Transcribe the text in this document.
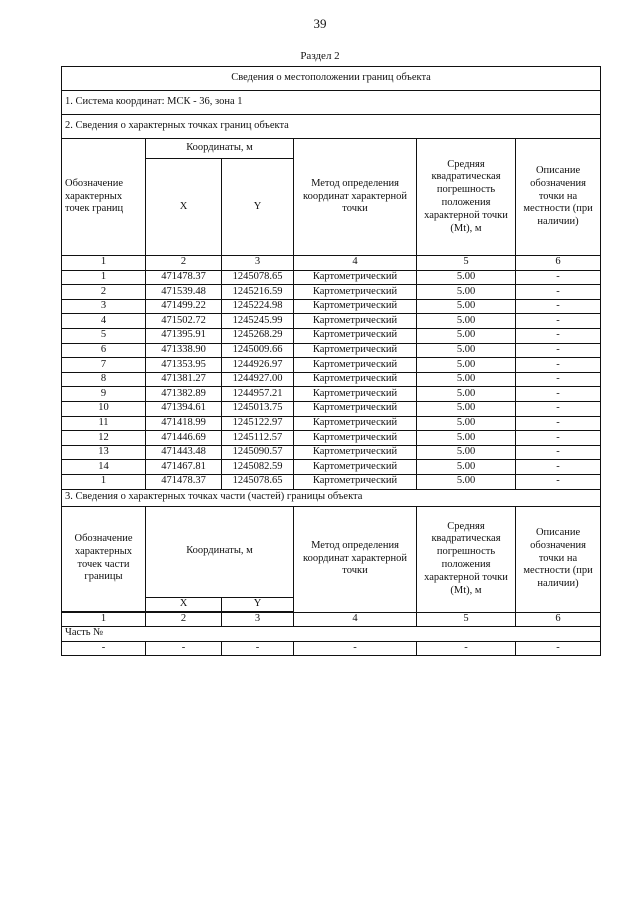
39
Раздел 2
Сведения о местоположении границ объекта					
1. Система координат: МСК - 36, зона 1					
2. Сведения о характерных точках границ объекта					
Обозначение характерных точек границ	Координаты, м		Метод определения координат характерной точки	Средняя квадратическая погрешность положения характерной точки (Mt), м	Описание обозначения точки на местности (при наличии)
	X	Y			
1	2	3	4	5	6
1	471478.37	1245078.65	Картометрический	5.00	-
2	471539.48	1245216.59	Картометрический	5.00	-
3	471499.22	1245224.98	Картометрический	5.00	-
4	471502.72	1245245.99	Картометрический	5.00	-
5	471395.91	1245268.29	Картометрический	5.00	-
6	471338.90	1245009.66	Картометрический	5.00	-
7	471353.95	1244926.97	Картометрический	5.00	-
8	471381.27	1244927.00	Картометрический	5.00	-
9	471382.89	1244957.21	Картометрический	5.00	-
10	471394.61	1245013.75	Картометрический	5.00	-
11	471418.99	1245122.97	Картометрический	5.00	-
12	471446.69	1245112.57	Картометрический	5.00	-
13	471443.48	1245090.57	Картометрический	5.00	-
14	471467.81	1245082.59	Картометрический	5.00	-
1	471478.37	1245078.65	Картометрический	5.00	-
3. Сведения о характерных точках части (частей) границы объекта					
Обозначение характерных точек части границы	Координаты, м		Метод определения координат характерной точки	Средняя квадратическая погрешность положения характерной точки (Mt), м	Описание обозначения точки на местности (при наличии)
	X	Y			

1	2	3	4	5	6
Часть №					
-	-	-	-	-	-
